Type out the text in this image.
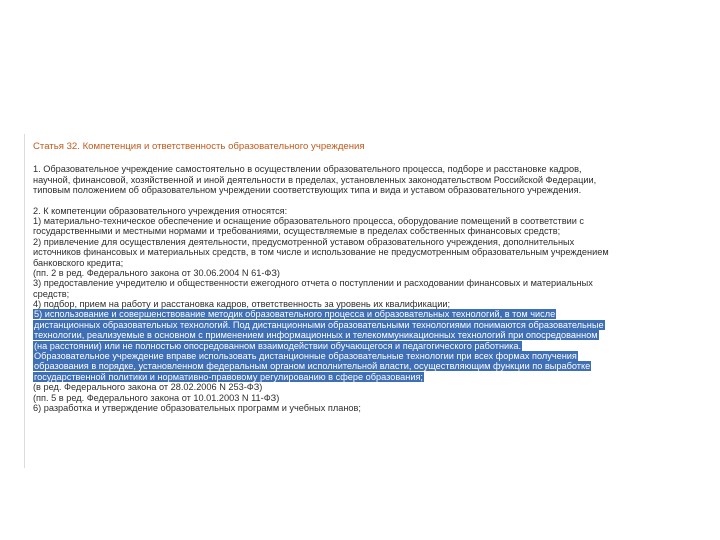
Статья 32. Компетенция и ответственность образовательного учреждения
1. Образовательное учреждение самостоятельно в осуществлении образовательного процесса, подборе и расстановке кадров,
научной, финансовой, хозяйственной и иной деятельности в пределах, установленных законодательством Российской Федерации,
типовым положением об образовательном учреждении соответствующих типа и вида и уставом образовательного учреждения.
2. К компетенции образовательного учреждения относятся:
1) материально-техническое обеспечение и оснащение образовательного процесса, оборудование помещений в соответствии с
государственными и местными нормами и требованиями, осуществляемые в пределах собственных финансовых средств;
2) привлечение для осуществления деятельности, предусмотренной уставом образовательного учреждения, дополнительных
источников финансовых и материальных средств, в том числе и использование не предусмотренным образовательным учреждением
банковского кредита;
(пп. 2 в ред. Федерального закона от 30.06.2004 N 61-ФЗ)
3) предоставление учредителю и общественности ежегодного отчета о поступлении и расходовании финансовых и материальных
средств;
4) подбор, прием на работу и расстановка кадров, ответственность за уровень их квалификации;
5) использование и совершенствование методик образовательного процесса и образовательных технологий, в том числе
дистанционных образовательных технологий. Под дистанционными образовательными технологиями понимаются образовательные
технологии, реализуемые в основном с применением информационных и телекоммуникационных технологий при опосредованном
(на расстоянии) или не полностью опосредованном взаимодействии обучающегося и педагогического работника.
Образовательное учреждение вправе использовать дистанционные образовательные технологии при всех формах получения
образования в порядке, установленном федеральным органом исполнительной власти, осуществляющим функции по выработке
государственной политики и нормативно-правовому регулированию в сфере образования;
(в ред. Федерального закона от 28.02.2006 N 253-ФЗ)
(пп. 5 в ред. Федерального закона от 10.01.2003 N 11-ФЗ)
6) разработка и утверждение образовательных программ и учебных планов;
